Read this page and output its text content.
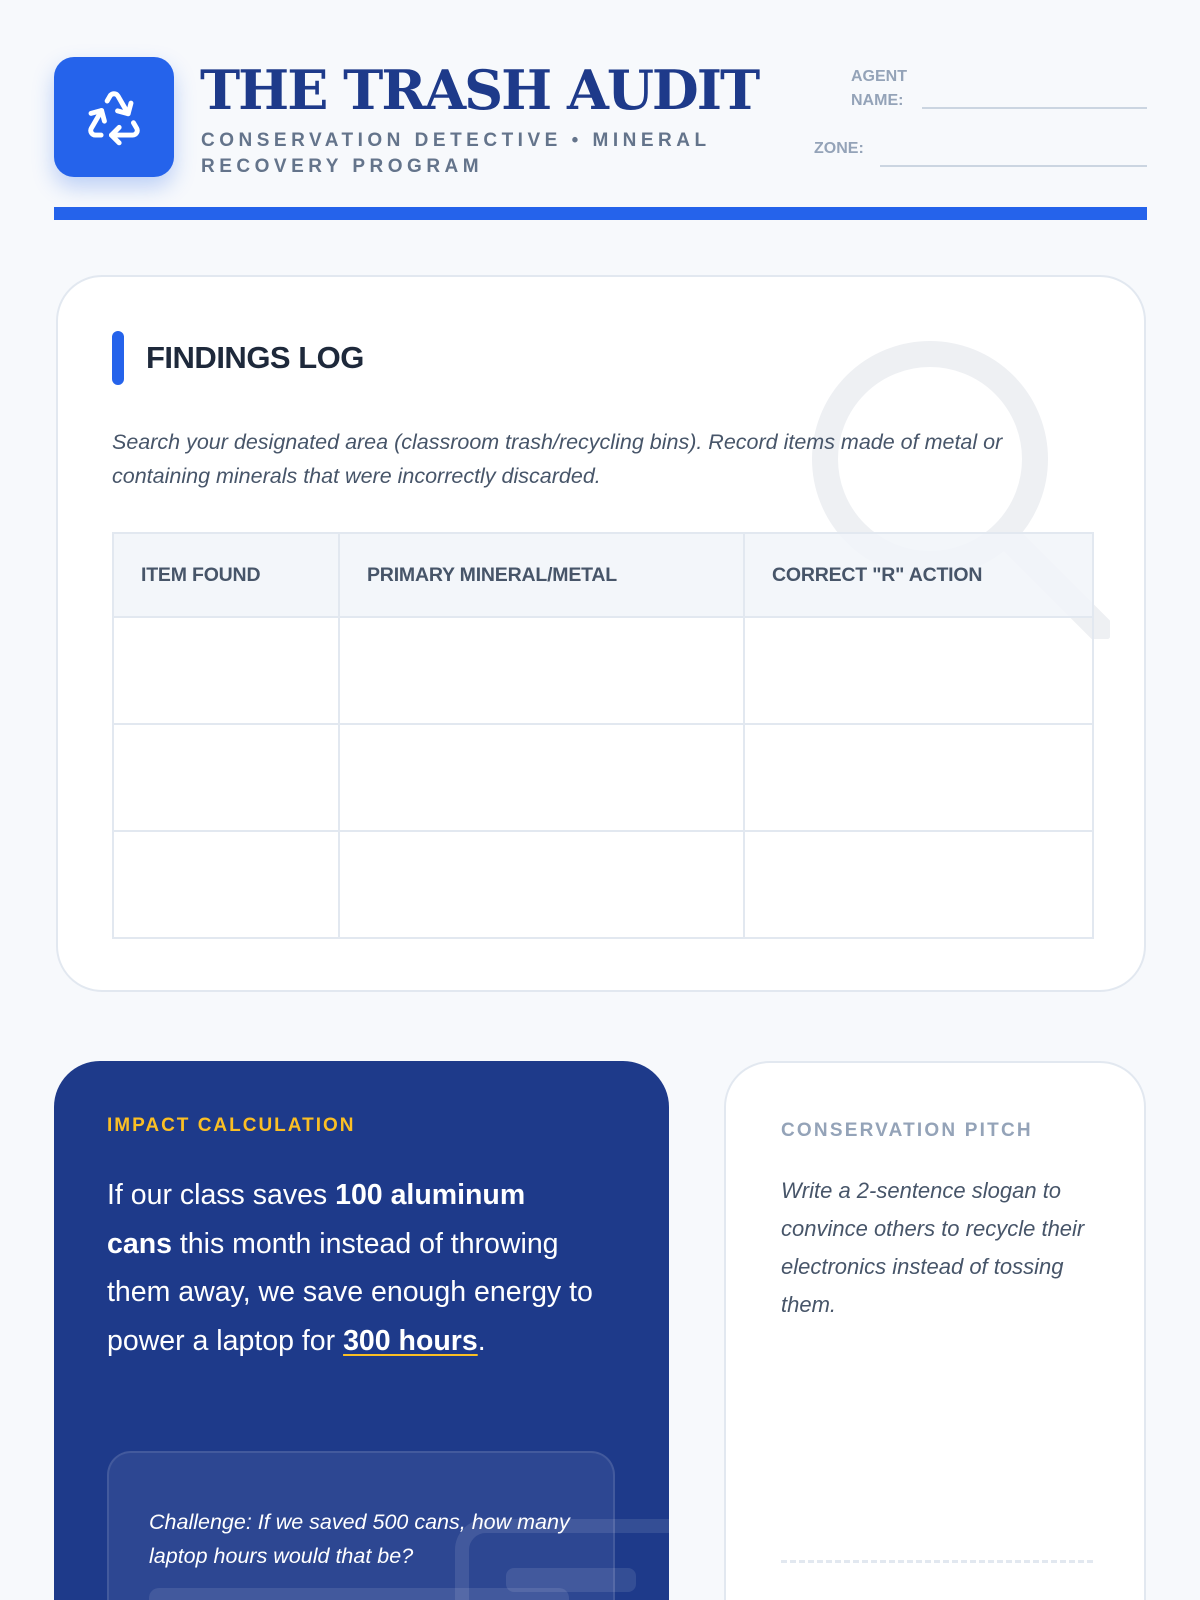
THE TRASH AUDIT
CONSERVATION DETECTIVE • MINERAL RECOVERY PROGRAM
AGENT
NAME:
ZONE:
FINDINGS LOG
Search your designated area (classroom trash/recycling bins). Record items made of metal or containing minerals that were incorrectly discarded.
ITEM FOUND	PRIMARY MINERAL/METAL	CORRECT "R" ACTION

IMPACT CALCULATION
If our class saves 100 aluminum cans this month instead of throwing them away, we save enough energy to power a laptop for 300 hours.
Challenge: If we saved 500 cans, how many laptop hours would that be?
CONSERVATION PITCH
Write a 2-sentence slogan to convince others to recycle their electronics instead of tossing them.
